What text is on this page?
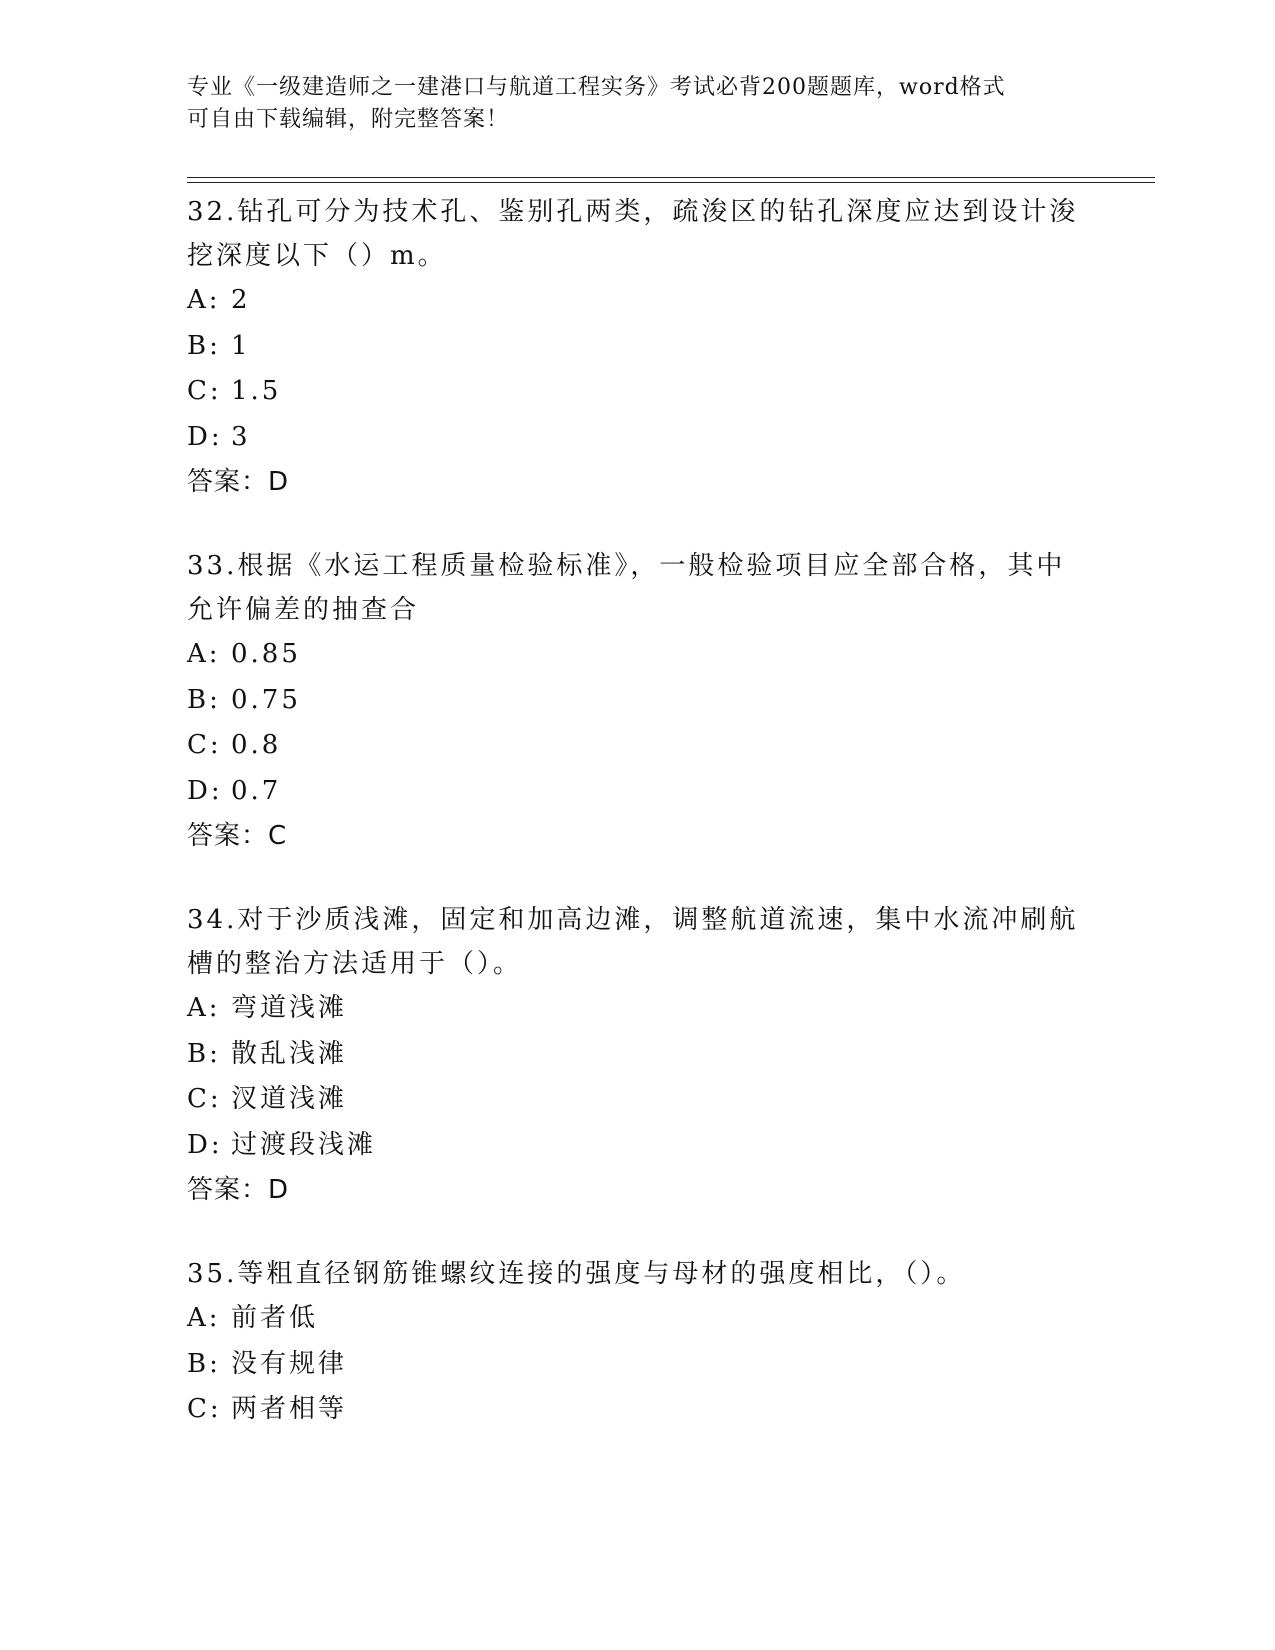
专业《一级建造师之一建港口与航道工程实务》考试必背200题题库，word格式
可自由下载编辑，附完整答案！
32.钻孔可分为技术孔、鉴别孔两类，疏浚区的钻孔深度应达到设计浚
挖深度以下（）m。
A: 2
B: 1
C: 1.5
D: 3
答案：D
33.根据《水运工程质量检验标准》，一般检验项目应全部合格，其中
允许偏差的抽查合
A: 0.85
B: 0.75
C: 0.8
D: 0.7
答案：C
34.对于沙质浅滩，固定和加高边滩，调整航道流速，集中水流冲刷航
槽的整治方法适用于（）。
A: 弯道浅滩
B: 散乱浅滩
C: 汊道浅滩
D: 过渡段浅滩
答案：D
35.等粗直径钢筋锥螺纹连接的强度与母材的强度相比，（）。
A: 前者低
B: 没有规律
C: 两者相等
